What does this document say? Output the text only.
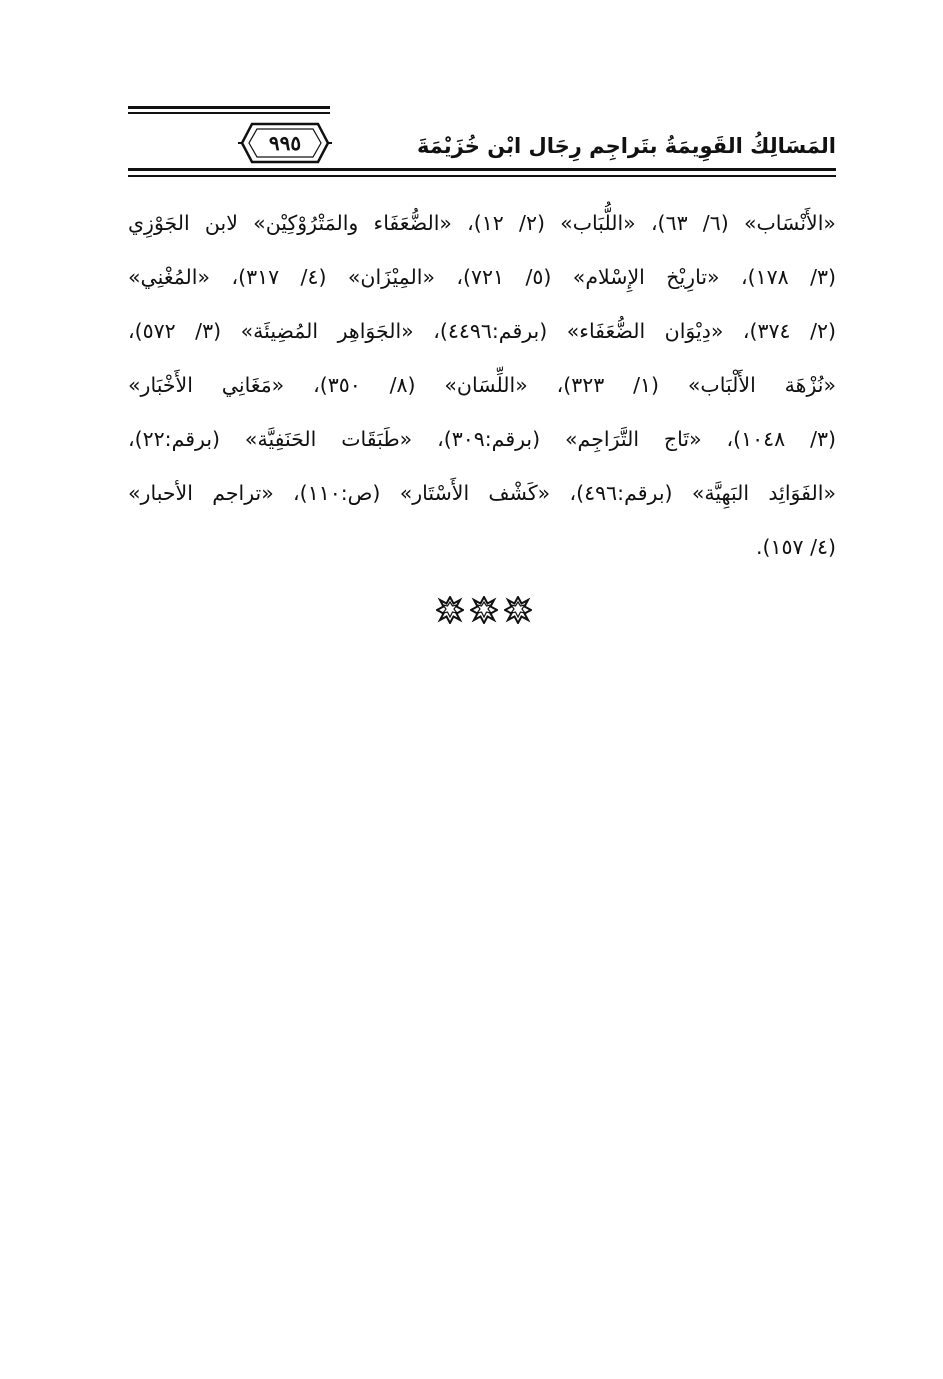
٩٩٥	المَسَالِكُ القَوِيمَةُ بتَراجِم رِجَال ابْن خُزَيْمَةَ
«الأَنْسَاب» (٦/ ٦٣)، «اللُّبَاب» (٢/ ١٢)، «الضُّعَفَاء والمَتْرُوْكِيْن» لابن الجَوْزِي
(٣/ ١٧٨)، «تارِيْخ الإِسْلام» (٥/ ٧٢١)، «المِيْزَان» (٤/ ٣١٧)، «المُغْنِي»
(٢/ ٣٧٤)، «دِيْوَان الضُّعَفَاء» (برقم:٤٤٩٦)، «الجَوَاهِر المُضِيئَة» (٣/ ٥٧٢)،
«نُزْهَة الأَلْبَاب» (١/ ٣٢٣)، «اللِّسَان» (٨/ ٣٥٠)، «مَغَانِي الأَخْبَار»
(٣/ ١٠٤٨)، «تَاج التَّرَاجِم» (برقم:٣٠٩)، «طَبَقَات الحَنَفِيَّة» (برقم:٢٢)،
«الفَوَائِد البَهِيَّة» (برقم:٤٩٦)، «كَشْف الأَسْتَار» (ص:١١٠)، «تراجم الأحبار»
(٤/ ١٥٧).
